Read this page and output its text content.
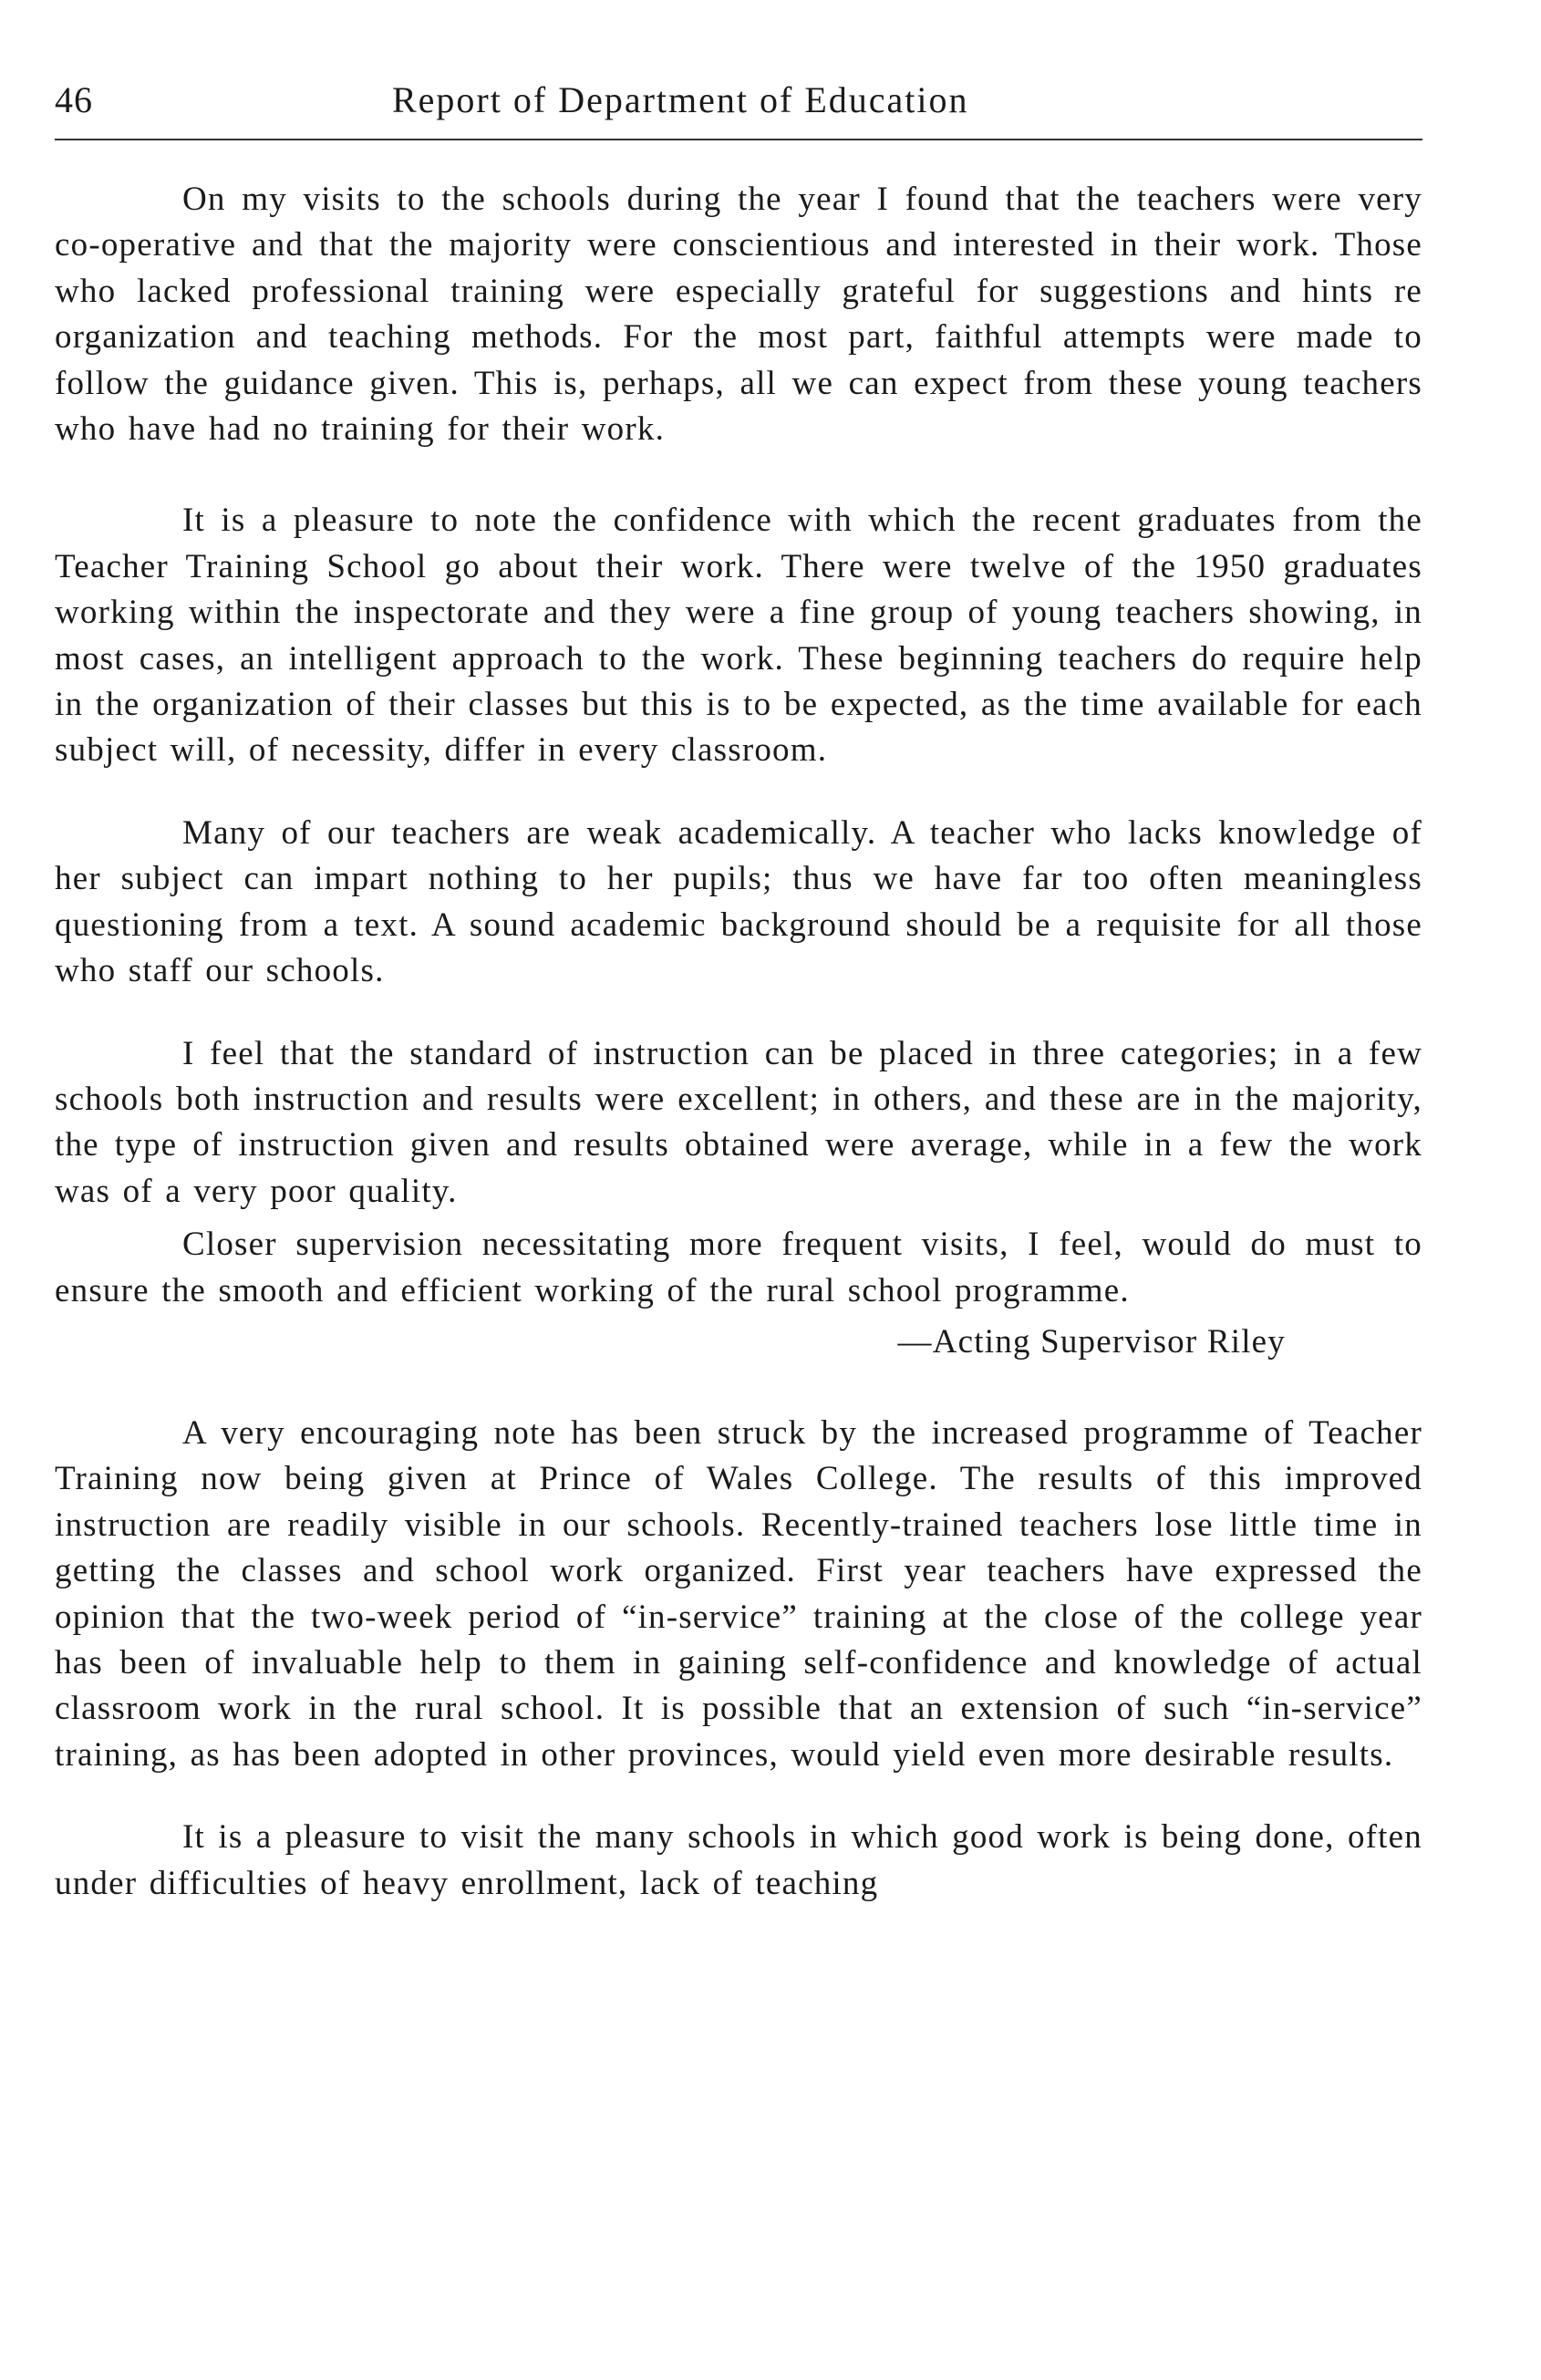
46	Report of Department of Education

On my visits to the schools during the year I found that the teachers were very co-operative and that the majority were conscientious and interested in their work. Those who lacked professional training were especially grateful for suggestions and hints re organization and teaching methods. For the most part, faithful attempts were made to follow the guidance given. This is, perhaps, all we can expect from these young teachers who have had no training for their work.

It is a pleasure to note the confidence with which the recent graduates from the Teacher Training School go about their work. There were twelve of the 1950 graduates working within the inspectorate and they were a fine group of young teachers showing, in most cases, an intelligent approach to the work. These beginning teachers do require help in the organization of their classes but this is to be expected, as the time available for each subject will, of necessity, differ in every classroom.

Many of our teachers are weak academically. A teacher who lacks knowledge of her subject can impart nothing to her pupils; thus we have far too often meaningless questioning from a text. A sound academic background should be a requisite for all those who staff our schools.

I feel that the standard of instruction can be placed in three categories; in a few schools both instruction and results were excellent; in others, and these are in the majority, the type of instruction given and results obtained were average, while in a few the work was of a very poor quality.

Closer supervision necessitating more frequent visits, I feel, would do must to ensure the smooth and efficient working of the rural school programme.

—Acting Supervisor Riley

A very encouraging note has been struck by the increased programme of Teacher Training now being given at Prince of Wales College. The results of this improved instruction are readily visible in our schools. Recently-trained teachers lose little time in getting the classes and school work organized. First year teachers have expressed the opinion that the two-week period of “in-service” training at the close of the college year has been of invaluable help to them in gaining self-confidence and knowledge of actual classroom work in the rural school. It is possible that an extension of such “in-service” training, as has been adopted in other provinces, would yield even more desirable results.

It is a pleasure to visit the many schools in which good work is being done, often under difficulties of heavy enrollment, lack of teaching
